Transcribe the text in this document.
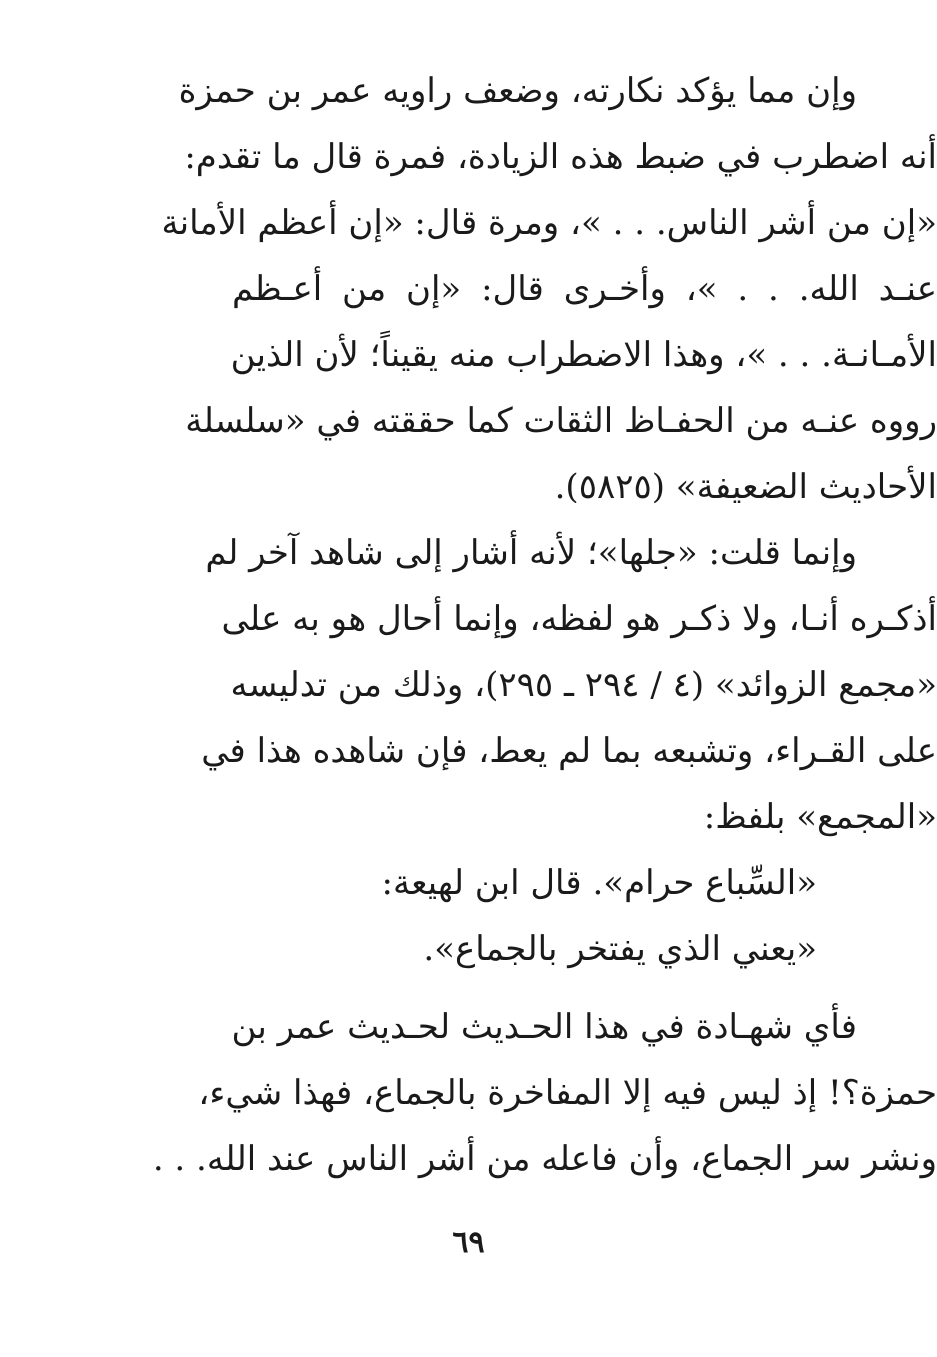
وإن مما يؤكد نكارته، وضعف راويه عمر بن حمزة
أنه اضطرب في ضبط هذه الزيادة، فمرة قال ما تقدم:
«إن من أشر الناس. . . »، ومرة قال: «إن أعظم الأمانة
عنـد الله. . . »، وأخـرى قال: «إن من أعـظم
الأمـانـة. . . »، وهذا الاضطراب منه يقيناً؛ لأن الذين
رووه عنـه من الحفـاظ الثقات كما حققته في «سلسلة
الأحاديث الضعيفة» (٥٨٢٥).
وإنما قلت: «جلها»؛ لأنه أشار إلى شاهد آخر لم
أذكـره أنـا، ولا ذكـر هو لفظه، وإنما أحال هو به على
«مجمع الزوائد» (٤ / ٢٩٤ ـ ٢٩٥)، وذلك من تدليسه
على القـراء، وتشبعه بما لم يعط، فإن شاهده هذا في
«المجمع» بلفظ:
«السِّباع حرام». قال ابن لهيعة:
«يعني الذي يفتخر بالجماع».
فأي شهـادة في هذا الحـديث لحـديث عمر بن
حمزة؟! إذ ليس فيه إلا المفاخرة بالجماع، فهذا شيء،
ونشر سر الجماع، وأن فاعله من أشر الناس عند الله. . .
٦٩
